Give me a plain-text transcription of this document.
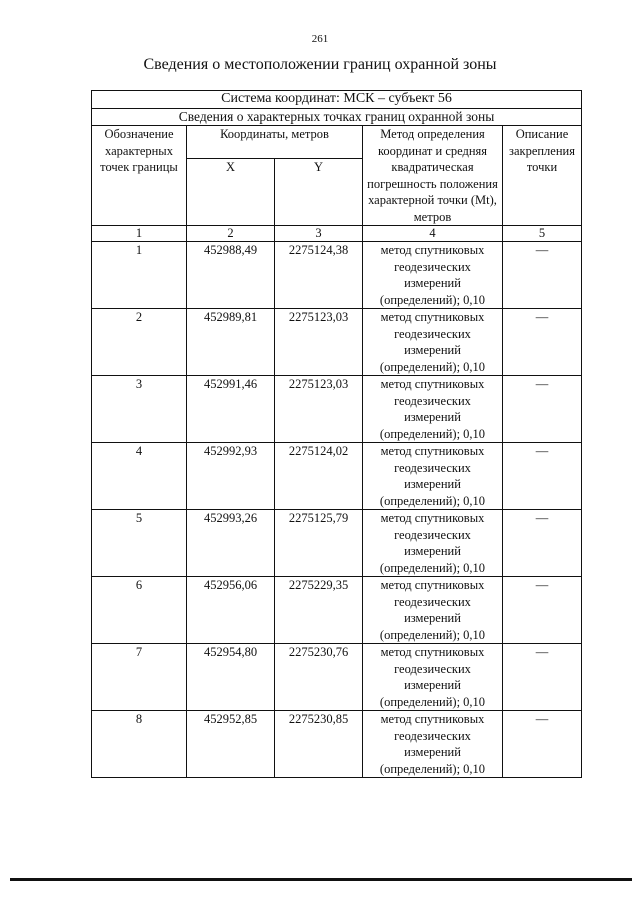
261
Сведения о местоположении границ охранной зоны
Система координат: МСК – субъект 56				
Сведения о характерных точках границ охранной зоны				
Обозначение характерных точек границы	Координаты, метров		Метод определения координат и средняя квадратическая погрешность положения характерной точки (Mt), метров	Описание закрепления точки
	X	Y		
1	2	3	4	5
1	452988,49	2275124,38	метод спутниковых геодезических измерений (определений); 0,10	—
2	452989,81	2275123,03	метод спутниковых геодезических измерений (определений); 0,10	—
3	452991,46	2275123,03	метод спутниковых геодезических измерений (определений); 0,10	—
4	452992,93	2275124,02	метод спутниковых геодезических измерений (определений); 0,10	—
5	452993,26	2275125,79	метод спутниковых геодезических измерений (определений); 0,10	—
6	452956,06	2275229,35	метод спутниковых геодезических измерений (определений); 0,10	—
7	452954,80	2275230,76	метод спутниковых геодезических измерений (определений); 0,10	—
8	452952,85	2275230,85	метод спутниковых геодезических измерений (определений); 0,10	—
